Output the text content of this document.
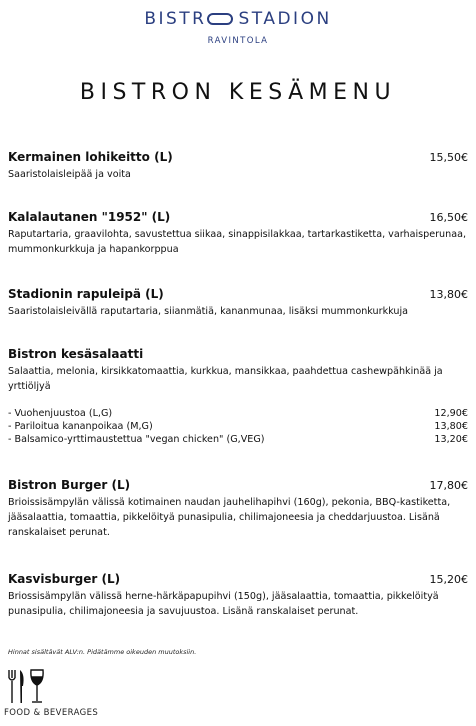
BISTR STADION
RAVINTOLA
BISTRON KESÄMENU
Kermainen lohikeitto (L)	15,50€
Saaristolaisleipää ja voita
Kalalautanen "1952" (L)	16,50€
Raputartaria, graavilohta, savustettua siikaa, sinappisilakkaa, tartarkastiketta, varhaisperunaa, mummonkurkkuja ja hapankorppua
Stadionin rapuleipä (L)	13,80€
Saaristolaisleivällä raputartaria, siianmätiä, kananmunaa, lisäksi mummonkurkkuja
Bistron kesäsalaatti
Salaattia, melonia, kirsikkatomaattia, kurkkua, mansikkaa, paahdettua cashewpähkinää ja yrttiöljyä
- Vuohenjuustoa (L,G)	12,90€
- Pariloitua kananpoikaa (M,G)	13,80€
- Balsamico-yrttimaustettua "vegan chicken" (G,VEG)	13,20€
Bistron Burger (L)	17,80€
Brioissisämpylän välissä kotimainen naudan jauhelihapihvi (160g), pekonia, BBQ-kastiketta, jääsalaattia, tomaattia, pikkelöityä punasipulia, chilimajoneesia ja cheddarjuustoa. Lisänä ranskalaiset perunat.
Kasvisburger (L)	15,20€
Briossisämpylän välissä herne-härkäpapupihvi (150g), jääsalaattia, tomaattia, pikkelöityä punasipulia, chilimajoneesia ja savujuustoa. Lisänä ranskalaiset perunat.
Hinnat sisältävät ALV:n. Pidätämme oikeuden muutoksiin.
FOOD & BEVERAGES
